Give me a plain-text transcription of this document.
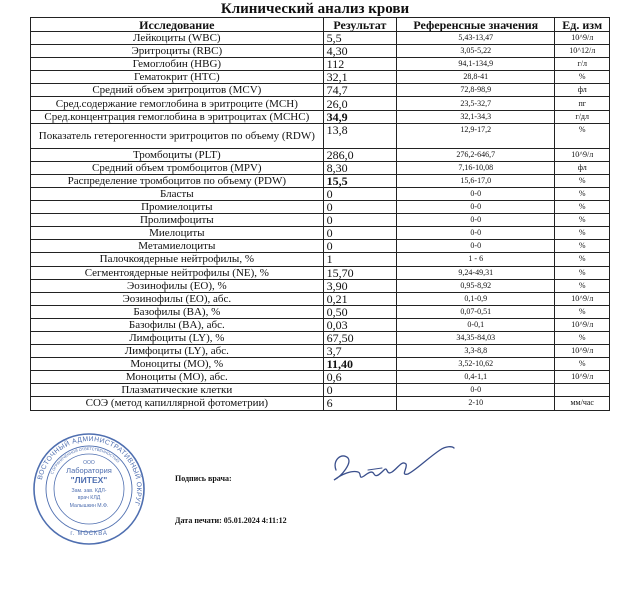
Клинический анализ крови
Исследование	Результат	Референсные значения	Ед. изм
Лейкоциты (WBC)	5,5	5,43-13,47	10^9/л
Эритроциты (RBC)	4,30	3,05-5,22	10^12/л
Гемоглобин (HBG)	112	94,1-134,9	г/л
Гематокрит (HTC)	32,1	28,8-41	%
Средний объем эритроцитов (MCV)	74,7	72,8-98,9	фл
Сред.содержание гемоглобина в эритроците (MCH)	26,0	23,5-32,7	пг
Сред.концентрация гемоглобина в эритроцитах (MCHC)	34,9	32,1-34,3	г/дл
Показатель гетерогенности эритроцитов по объему (RDW)	13,8	12,9-17,2	%
Тромбоциты (PLT)	286,0	276,2-646,7	10^9/л
Средний объем тромбоцитов (MPV)	8,30	7,16-10,08	фл
Распределение тромбоцитов по объему (PDW)	15,5	15,6-17,0	%
Бласты	0	0-0	%
Промиелоциты	0	0-0	%
Пролимфоциты	0	0-0	%
Миелоциты	0	0-0	%
Метамиелоциты	0	0-0	%
Палочкоядерные нейтрофилы, %	1	1 - 6	%
Сегментоядерные нейтрофилы (NE), %	15,70	9,24-49,31	%
Эозинофилы (EO), %	3,90	0,95-8,92	%
Эозинофилы (EO), абс.	0,21	0,1-0,9	10^9/л
Базофилы (BA), %	0,50	0,07-0,51	%
Базофилы (BA), абс.	0,03	0-0,1	10^9/л
Лимфоциты (LY), %	67,50	34,35-84,03	%
Лимфоциты (LY), абс.	3,7	3,3-8,8	10^9/л
Моноциты (MO), %	11,40	3,52-10,62	%
Моноциты (MO), абс.	0,6	0,4-1,1	10^9/л
Плазматические клетки	0	0-0	
СОЭ (метод капиллярной фотометрии)	6	2-10	мм/час
ВОСТОЧНЫЙ АДМИНИСТРАТИВНЫЙ ОКРУГ
С ОГРАНИЧЕННОЙ ОТВЕТСТВЕННОСТЬЮ
ООО
Лаборатория
"ЛИТЕХ"
Зам. зав. КДЛ-
врач КЛД
Малышкин М.Ф.
г. МОСКВА
Подпись врача:
Дата печати: 05.01.2024 4:11:12
